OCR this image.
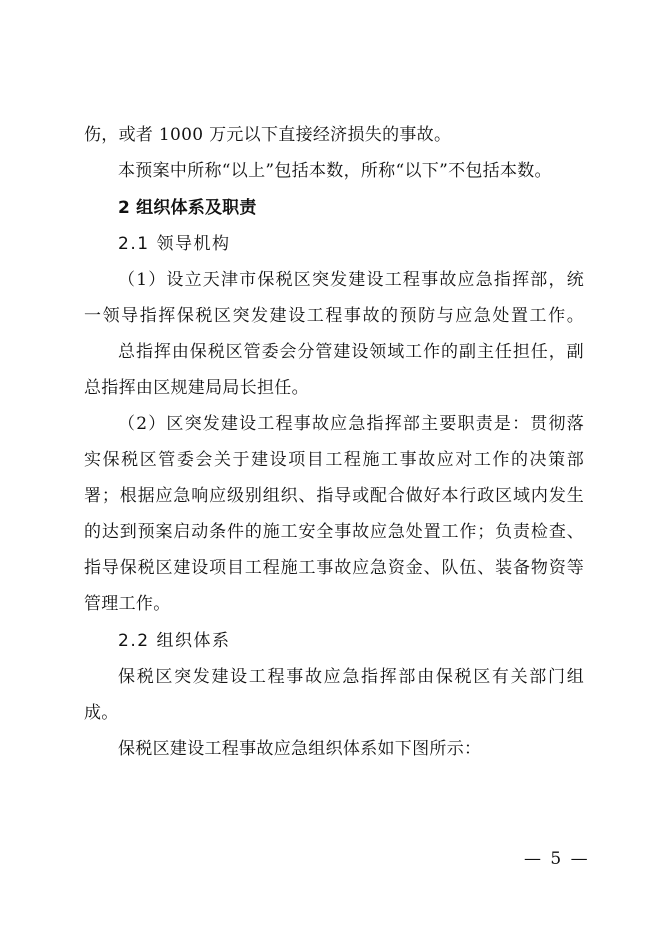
伤，或者 1000 万元以下直接经济损失的事故。
本预案中所称“以上”包括本数，所称“以下”不包括本数。
2 组织体系及职责
2.1 领导机构
（1）设立天津市保税区突发建设工程事故应急指挥部，统
一领导指挥保税区突发建设工程事故的预防与应急处置工作。
总指挥由保税区管委会分管建设领域工作的副主任担任，副
总指挥由区规建局局长担任。
（2）区突发建设工程事故应急指挥部主要职责是：贯彻落
实保税区管委会关于建设项目工程施工事故应对工作的决策部
署；根据应急响应级别组织、指导或配合做好本行政区域内发生
的达到预案启动条件的施工安全事故应急处置工作；负责检查、
指导保税区建设项目工程施工事故应急资金、队伍、装备物资等
管理工作。
2.2 组织体系
保税区突发建设工程事故应急指挥部由保税区有关部门组
成。
保税区建设工程事故应急组织体系如下图所示：
— 5 —
